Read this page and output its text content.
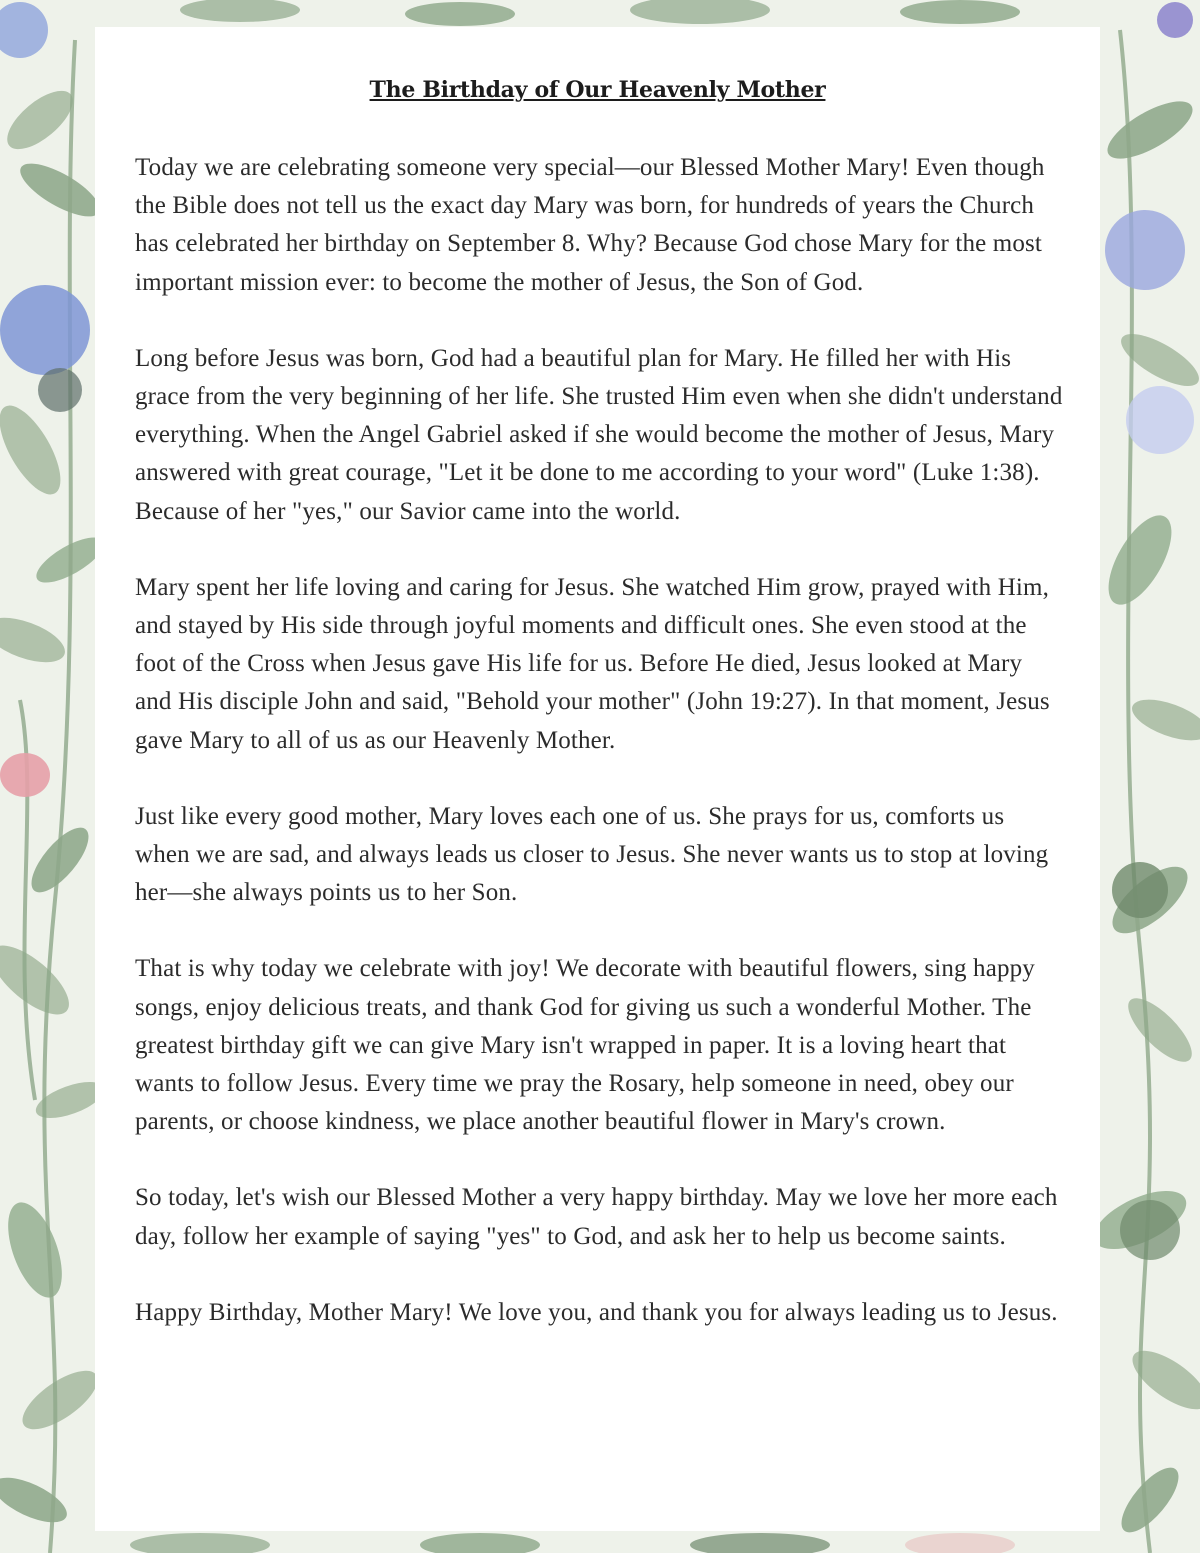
The Birthday of Our Heavenly Mother

Today we are celebrating someone very special—our Blessed Mother Mary! Even though the Bible does not tell us the exact day Mary was born, for hundreds of years the Church has celebrated her birthday on September 8. Why? Because God chose Mary for the most important mission ever: to become the mother of Jesus, the Son of God.

Long before Jesus was born, God had a beautiful plan for Mary. He filled her with His grace from the very beginning of her life. She trusted Him even when she didn't understand everything. When the Angel Gabriel asked if she would become the mother of Jesus, Mary answered with great courage, "Let it be done to me according to your word" (Luke 1:38). Because of her "yes," our Savior came into the world.

Mary spent her life loving and caring for Jesus. She watched Him grow, prayed with Him, and stayed by His side through joyful moments and difficult ones. She even stood at the foot of the Cross when Jesus gave His life for us. Before He died, Jesus looked at Mary and His disciple John and said, "Behold your mother" (John 19:27). In that moment, Jesus gave Mary to all of us as our Heavenly Mother.

Just like every good mother, Mary loves each one of us. She prays for us, comforts us when we are sad, and always leads us closer to Jesus. She never wants us to stop at loving her—she always points us to her Son.

That is why today we celebrate with joy! We decorate with beautiful flowers, sing happy songs, enjoy delicious treats, and thank God for giving us such a wonderful Mother. The greatest birthday gift we can give Mary isn't wrapped in paper. It is a loving heart that wants to follow Jesus. Every time we pray the Rosary, help someone in need, obey our parents, or choose kindness, we place another beautiful flower in Mary's crown.

So today, let's wish our Blessed Mother a very happy birthday. May we love her more each day, follow her example of saying "yes" to God, and ask her to help us become saints.

Happy Birthday, Mother Mary! We love you, and thank you for always leading us to Jesus.
